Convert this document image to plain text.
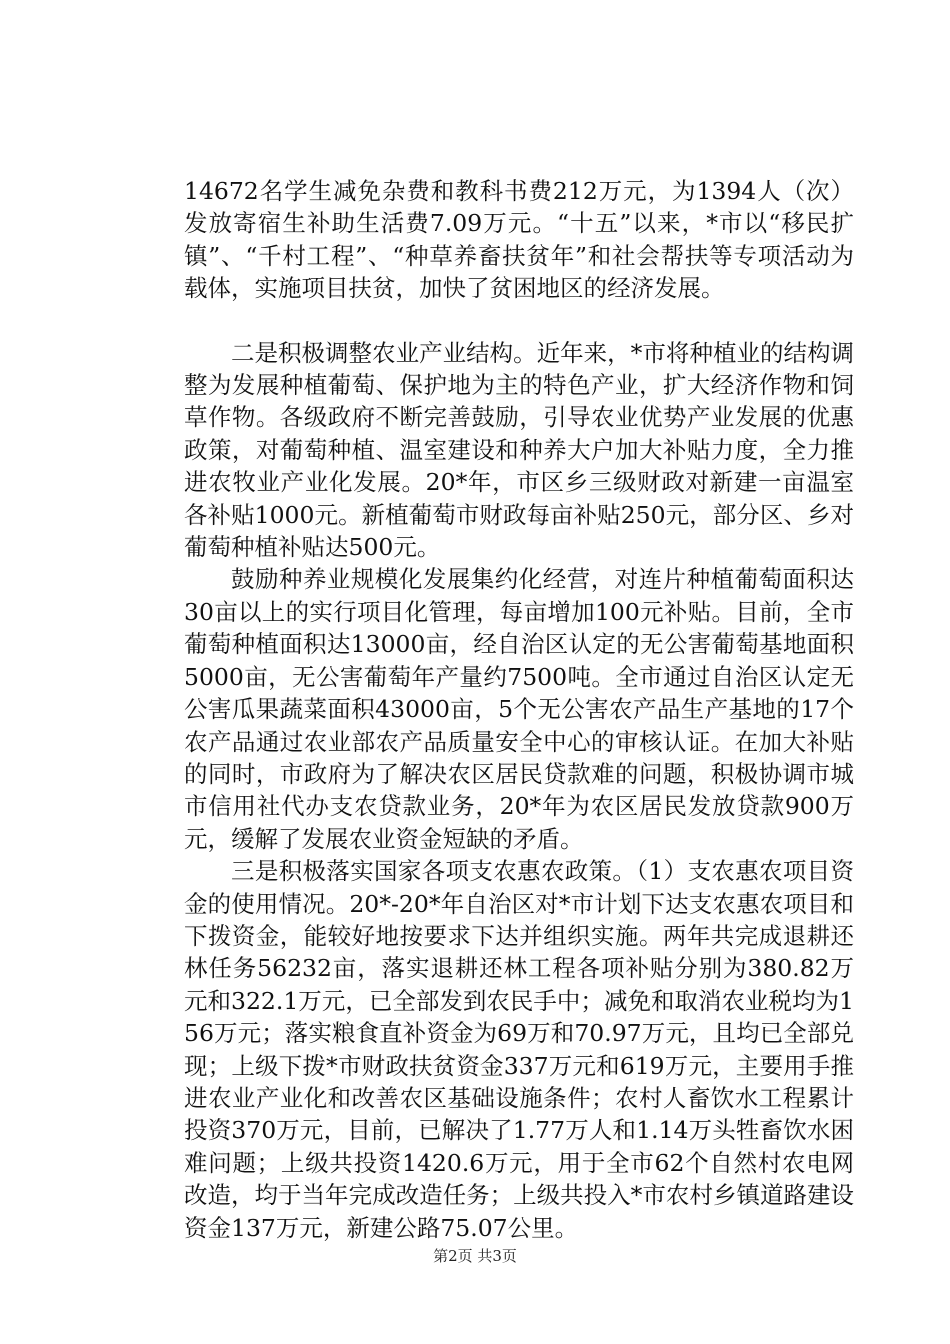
14672名学生减免杂费和教科书费212万元，为1394人（次）发放寄宿生补助生活费7.09万元。“十五”以来，*市以“移民扩镇”、“千村工程”、“种草养畜扶贫年”和社会帮扶等专项活动为载体，实施项目扶贫，加快了贫困地区的经济发展。

二是积极调整农业产业结构。近年来，*市将种植业的结构调整为发展种植葡萄、保护地为主的特色产业，扩大经济作物和饲草作物。各级政府不断完善鼓励，引导农业优势产业发展的优惠政策，对葡萄种植、温室建设和种养大户加大补贴力度，全力推进农牧业产业化发展。20*年，市区乡三级财政对新建一亩温室各补贴1000元。新植葡萄市财政每亩补贴250元，部分区、乡对葡萄种植补贴达500元。

鼓励种养业规模化发展集约化经营，对连片种植葡萄面积达30亩以上的实行项目化管理，每亩增加100元补贴。目前，全市葡萄种植面积达13000亩，经自治区认定的无公害葡萄基地面积5000亩，无公害葡萄年产量约7500吨。全市通过自治区认定无公害瓜果蔬菜面积43000亩，5个无公害农产品生产基地的17个农产品通过农业部农产品质量安全中心的审核认证。在加大补贴的同时，市政府为了解决农区居民贷款难的问题，积极协调市城市信用社代办支农贷款业务，20*年为农区居民发放贷款900万元，缓解了发展农业资金短缺的矛盾。

三是积极落实国家各项支农惠农政策。（1）支农惠农项目资金的使用情况。20*-20*年自治区对*市计划下达支农惠农项目和下拨资金，能较好地按要求下达并组织实施。两年共完成退耕还林任务56232亩，落实退耕还林工程各项补贴分别为380.82万元和322.1万元，已全部发到农民手中；减免和取消农业税均为156万元；落实粮食直补资金为69万和70.97万元，且均已全部兑现；上级下拨*市财政扶贫资金337万元和619万元，主要用手推进农业产业化和改善农区基础设施条件；农村人畜饮水工程累计投资370万元，目前，已解决了1.77万人和1.14万头牲畜饮水困难问题；上级共投资1420.6万元，用于全市62个自然村农电网改造，均于当年完成改造任务；上级共投入*市农村乡镇道路建设资金137万元，新建公路75.07公里。

第2页 共3页
